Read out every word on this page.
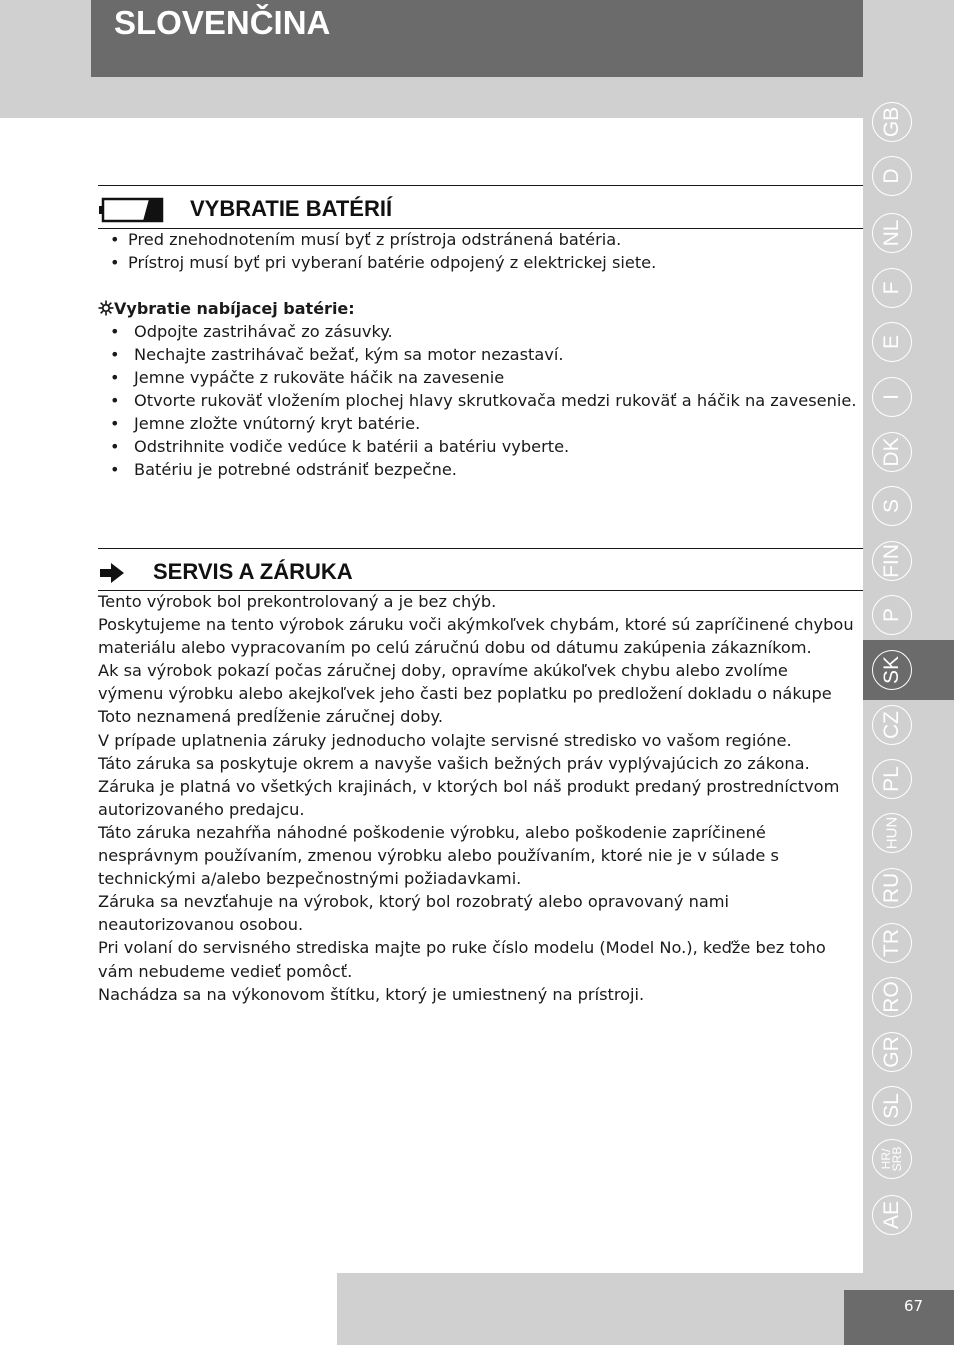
SLOVENČINA
VYBRATIE BATÉRIÍ
• Pred znehodnotením musí byť z prístroja odstránená batéria.
• Prístroj musí byť pri vyberaní batérie odpojený z elektrickej siete.
Vybratie nabíjacej batérie:
• Odpojte zastrihávač zo zásuvky.
• Nechajte zastrihávač bežať, kým sa motor nezastaví.
• Jemne vypáčte z rukoväte háčik na zavesenie
• Otvorte rukoväť vložením plochej hlavy skrutkovača medzi rukoväť a háčik na zavesenie.
• Jemne zložte vnútorný kryt batérie.
• Odstrihnite vodiče vedúce k batérii a batériu vyberte.
• Batériu je potrebné odstrániť bezpečne.
SERVIS A ZÁRUKA

Tento výrobok bol prekontrolovaný a je bez chýb.

Poskytujeme na tento výrobok záruku voči akýmkoľvek chybám, ktoré sú zapríčinené chybou

materiálu alebo vypracovaním po celú záručnú dobu od dátumu zakúpenia zákazníkom.

Ak sa výrobok pokazí počas záručnej doby, opravíme akúkoľvek chybu alebo zvolíme

výmenu výrobku alebo akejkoľvek jeho časti bez poplatku po predložení dokladu o nákupe

Toto neznamená predĺženie záručnej doby.

V prípade uplatnenia záruky jednoducho volajte servisné stredisko vo vašom regióne.

Táto záruka sa poskytuje okrem a navyše vašich bežných práv vyplývajúcich zo zákona.

Záruka je platná vo všetkých krajinách, v ktorých bol náš produkt predaný prostredníctvom

autorizovaného predajcu.

Táto záruka nezahŕňa náhodné poškodenie výrobku, alebo poškodenie zapríčinené

nesprávnym používaním, zmenou výrobku alebo používaním, ktoré nie je v súlade s

technickými a/alebo bezpečnostnými požiadavkami.

Záruka sa nevzťahuje na výrobok, ktorý bol rozobratý alebo opravovaný nami

neautorizovanou osobou.

Pri volaní do servisného strediska majte po ruke číslo modelu (Model No.), keďže bez toho

vám nebudeme vedieť pomôcť.

Nachádza sa na výkonovom štítku, ktorý je umiestnený na prístroji.

GB
D
NL
F
E
I
DK
S
FIN
P
SK
CZ
PL
HUN
RU
TR
RO
GR
SL
HR/ SRB
AE
67
